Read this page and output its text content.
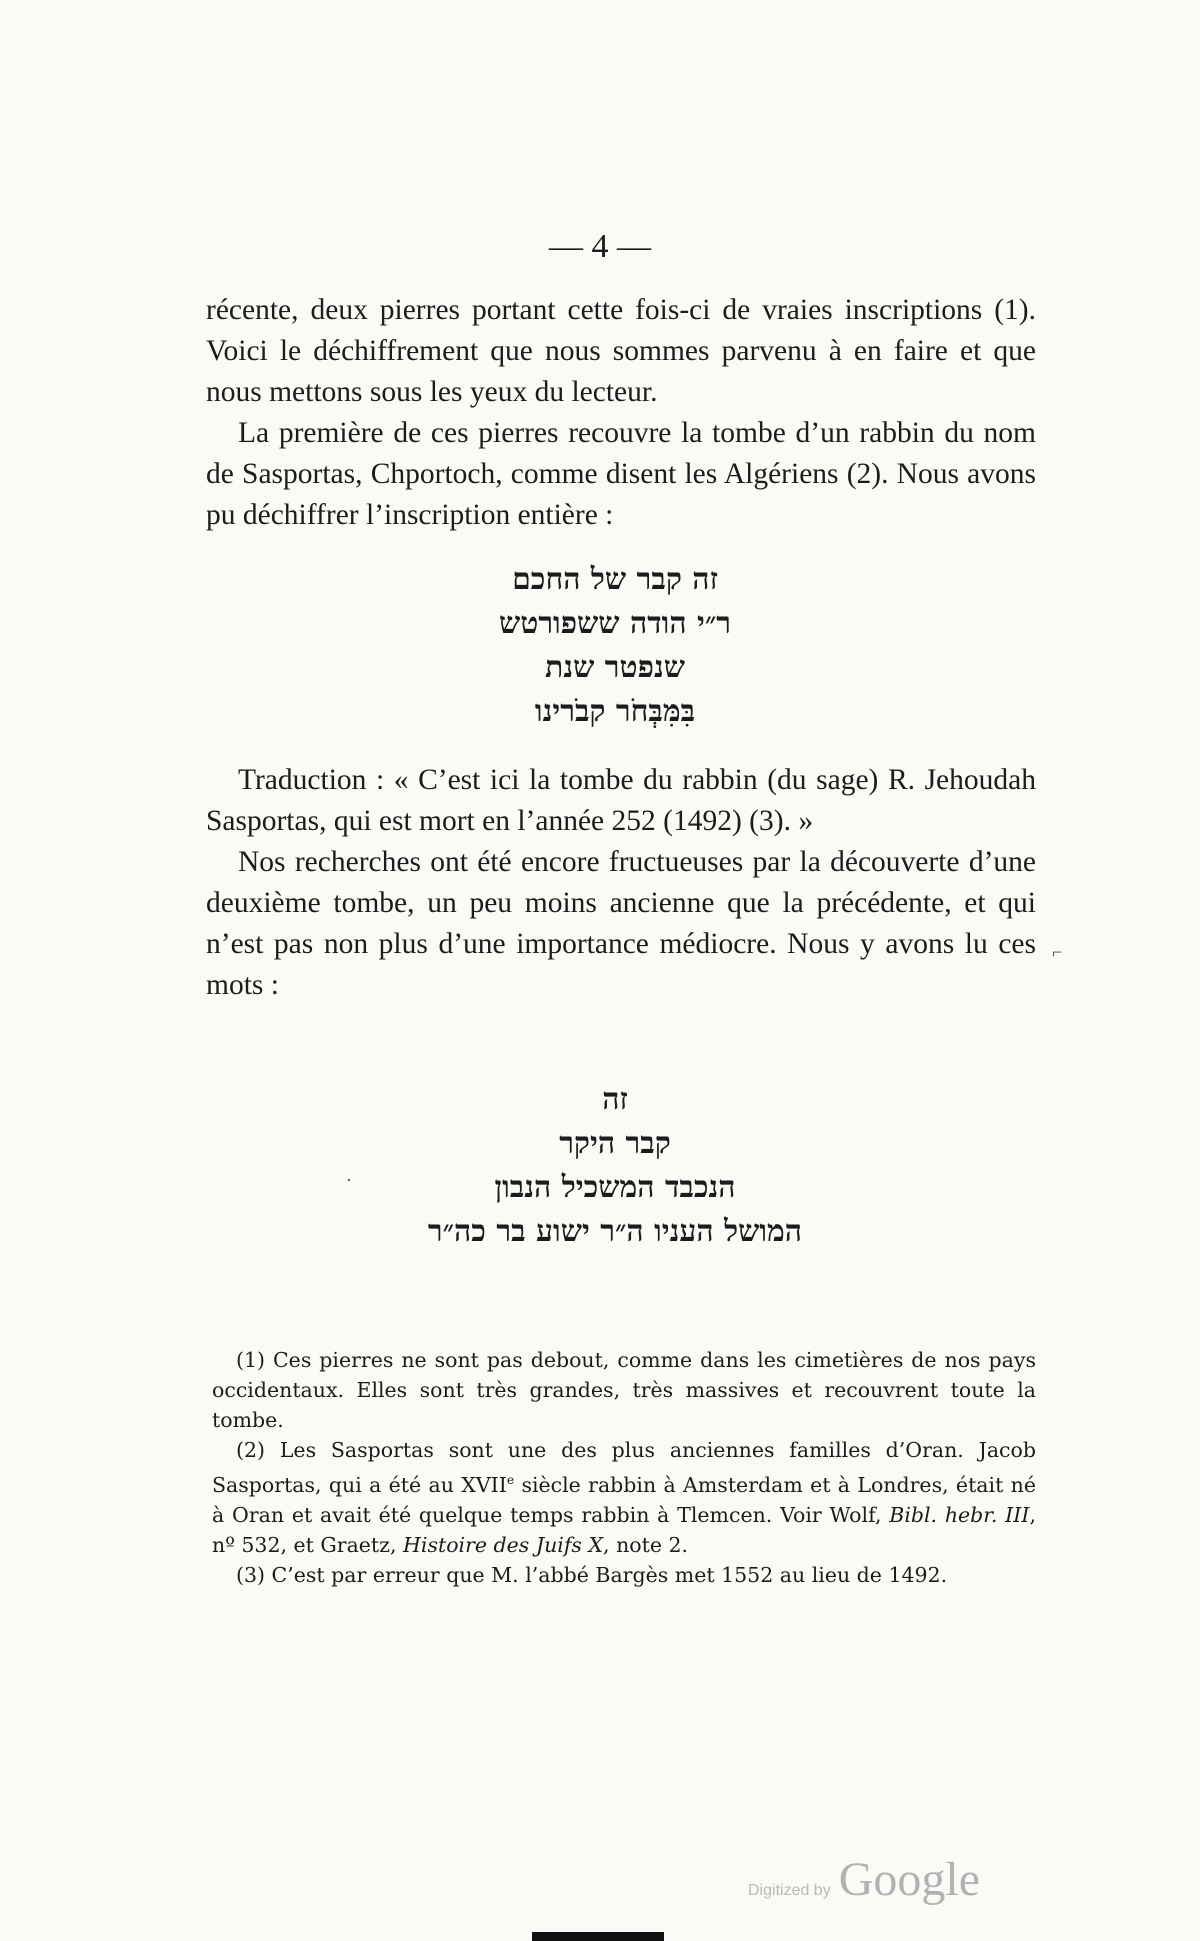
— 4 —

récente, deux pierres portant cette fois-ci de vraies inscriptions (1). Voici le déchiffrement que nous sommes parvenu à en faire et que nous mettons sous les yeux du lecteur.

La première de ces pierres recouvre la tombe d’un rabbin du nom de Sasportas, Chportoch, comme disent les Algériens (2). Nous avons pu déchiffrer l’inscription entière :

זה קבר של החכם
ר״י הודה ששפורטש
שנפטר שנת
בִּמִּבְּחֹר קבֹרינו

Traduction : « C’est ici la tombe du rabbin (du sage) R. Jehoudah Sasportas, qui est mort en l’année 252 (1492) (3). »

Nos recherches ont été encore fructueuses par la découverte d’une deuxième tombe, un peu moins ancienne que la précédente, et qui n’est pas non plus d’une importance médiocre. Nous y avons lu ces mots :

זה
קבר היקר
הנכבד המשכיל הנבון
המושל העניו ה״ר ישוע בר כה״ר

(1) Ces pierres ne sont pas debout, comme dans les cimetières de nos pays occidentaux. Elles sont très grandes, très massives et recouvrent toute la tombe.

(2) Les Sasportas sont une des plus anciennes familles d’Oran. Jacob Sasportas, qui a été au XVIIe siècle rabbin à Amsterdam et à Londres, était né à Oran et avait été quelque temps rabbin à Tlemcen. Voir Wolf, Bibl. hebr. III, nº 532, et Graetz, Histoire des Juifs X, note 2.

(3) C’est par erreur que M. l’abbé Bargès met 1552 au lieu de 1492.

⌐
·
Digitized by Google
